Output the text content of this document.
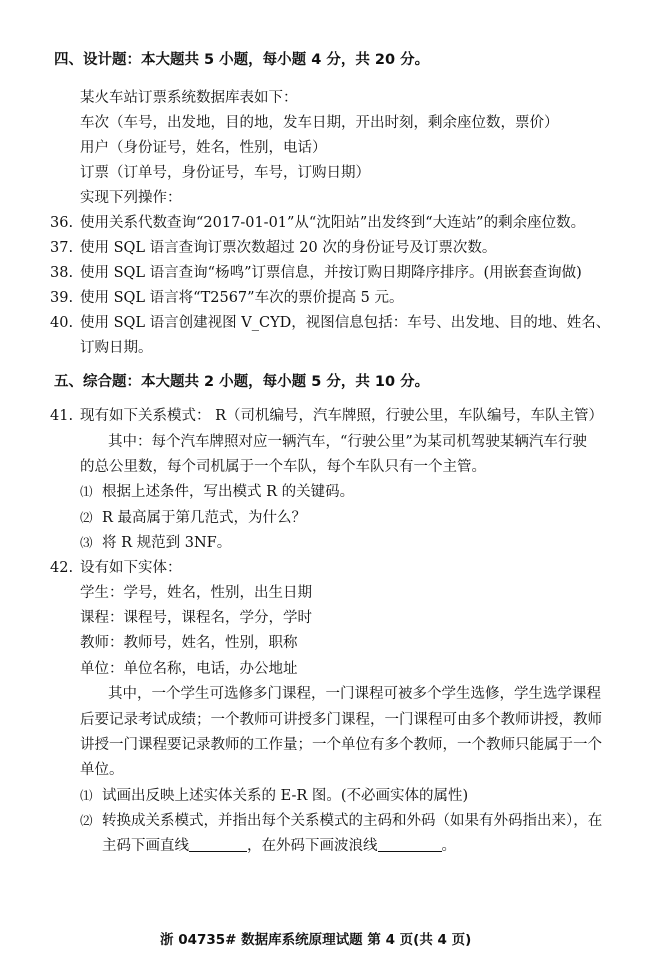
四、设计题：本大题共 5 小题，每小题 4 分，共 20 分。
某火车站订票系统数据库表如下：
车次（车号，出发地，目的地，发车日期，开出时刻，剩余座位数，票价）
用户（身份证号，姓名，性别，电话）
订票（订单号，身份证号，车号，订购日期）
实现下列操作：
36. 使用关系代数查询“2017-01-01”从“沈阳站”出发终到“大连站”的剩余座位数。
37. 使用 SQL 语言查询订票次数超过 20 次的身份证号及订票次数。
38. 使用 SQL 语言查询“杨鸣”订票信息，并按订购日期降序排序。(用嵌套查询做)
39. 使用 SQL 语言将“T2567”车次的票价提高 5 元。
40. 使用 SQL 语言创建视图 V_CYD，视图信息包括：车号、出发地、目的地、姓名、
订购日期。
五、综合题：本大题共 2 小题，每小题 5 分，共 10 分。
41. 现有如下关系模式： R（司机编号，汽车牌照，行驶公里，车队编号，车队主管）
其中：每个汽车牌照对应一辆汽车，“行驶公里”为某司机驾驶某辆汽车行驶
的总公里数，每个司机属于一个车队，每个车队只有一个主管。
⑴ 根据上述条件，写出模式 R 的关键码。
⑵ R 最高属于第几范式，为什么？
⑶ 将 R 规范到 3NF。
42. 设有如下实体：
学生：学号，姓名，性别，出生日期
课程：课程号，课程名，学分，学时
教师：教师号，姓名，性别，职称
单位：单位名称，电话，办公地址
其中，一个学生可选修多门课程，一门课程可被多个学生选修，学生选学课程
后要记录考试成绩；一个教师可讲授多门课程，一门课程可由多个教师讲授，教师
讲授一门课程要记录教师的工作量；一个单位有多个教师，一个教师只能属于一个
单位。
⑴ 试画出反映上述实体关系的 E-R 图。(不必画实体的属性)
⑵ 转换成关系模式，并指出每个关系模式的主码和外码（如果有外码指出来），在
主码下画直线	，在外码下画波浪线	。
浙 04735# 数据库系统原理试题 第 4 页(共 4 页)
